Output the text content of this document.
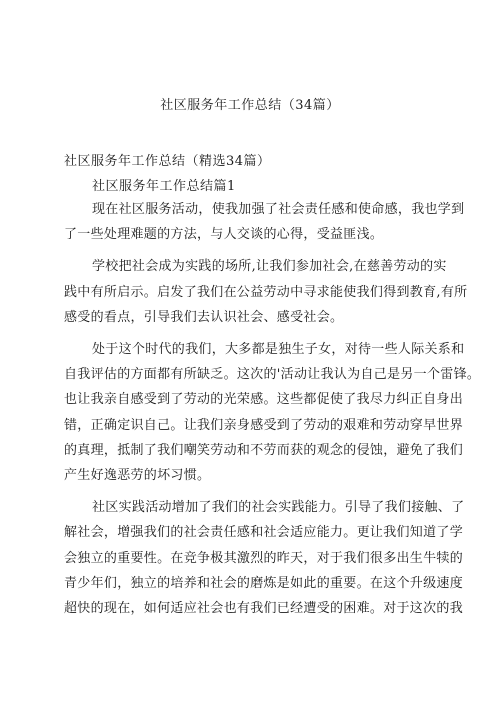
社区服务年工作总结（34篇）
社区服务年工作总结（精选34篇）
社区服务年工作总结篇1

现在社区服务活动，使我加强了社会责任感和使命感，我也学到
了一些处理难题的方法，与人交谈的心得，受益匪浅。

学校把社会成为实践的场所,让我们参加社会,在慈善劳动的实
践中有所启示。启发了我们在公益劳动中寻求能使我们得到教育,有所
感受的看点，引导我们去认识社会、感受社会。

处于这个时代的我们，大多都是独生子女，对待一些人际关系和
自我评估的方面都有所缺乏。这次的'活动让我认为自己是另一个雷锋。
也让我亲自感受到了劳动的光荣感。这些都促使了我尽力纠正自身出
错，正确定识自己。让我们亲身感受到了劳动的艰难和劳动穿早世界
的真理，抵制了我们嘲笑劳动和不劳而获的观念的侵蚀，避免了我们
产生好逸恶劳的坏习惯。

社区实践活动增加了我们的社会实践能力。引导了我们接触、了
解社会，增强我们的社会责任感和社会适应能力。更让我们知道了学
会独立的重要性。在竞争极其激烈的昨天，对于我们很多出生牛犊的
青少年们，独立的培养和社会的磨炼是如此的重要。在这个升级速度
超快的现在，如何适应社会也有我们已经遭受的困难。对于这次的我
